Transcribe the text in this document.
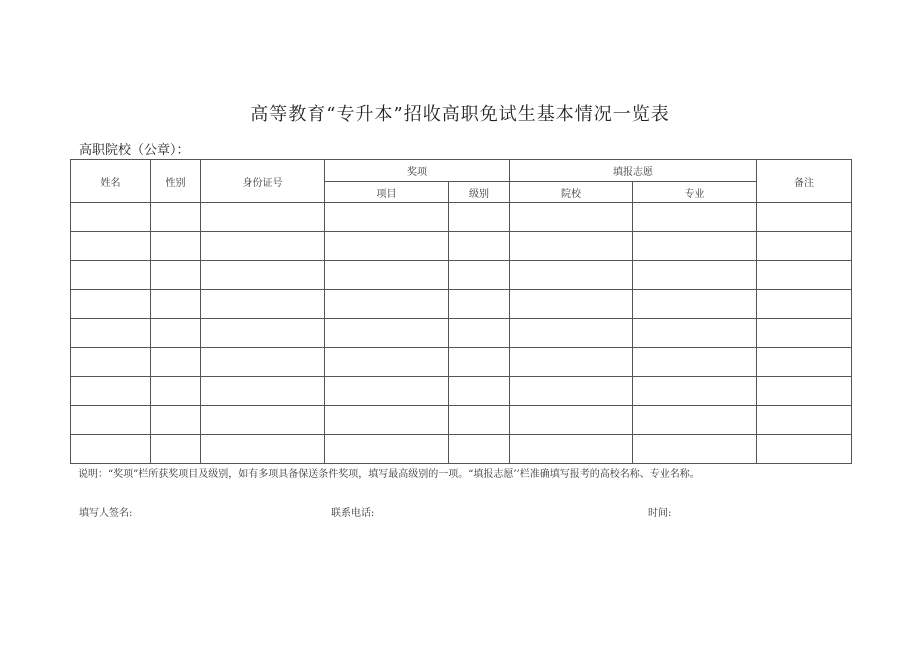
高等教育“专升本”招收高职免试生基本情况一览表
高职院校（公章）：
姓名	性别	身份证号	奖项		填报志愿		备注
			项目	级别	院校	专业	

说明：“奖项”栏所获奖项目及级别，如有多项具备保送条件奖项，填写最高级别的一项。“填报志愿’’栏准确填写报考的高校名称、专业名称。
填写人签名:	联系电话:	时间:
